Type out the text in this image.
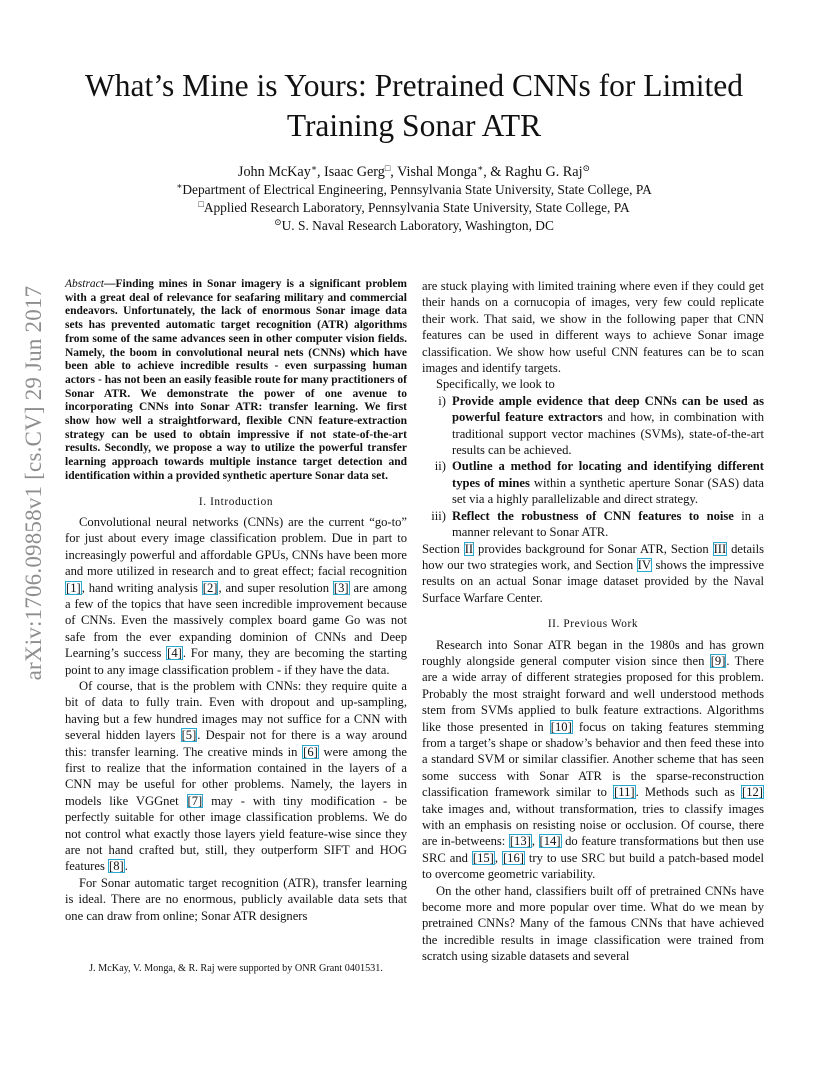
What’s Mine is Yours: Pretrained CNNs for Limited
Training Sonar ATR
John McKay∗, Isaac Gerg□, Vishal Monga∗, & Raghu G. Raj⊙
∗Department of Electrical Engineering, Pennsylvania State University, State College, PA
□Applied Research Laboratory, Pennsylvania State University, State College, PA
⊙U. S. Naval Research Laboratory, Washington, DC
arXiv:1706.09858v1 [cs.CV] 29 Jun 2017

Abstract—Finding mines in Sonar imagery is a significant problem with a great deal of relevance for seafaring military and commercial endeavors. Unfortunately, the lack of enormous Sonar image data sets has prevented automatic target recognition (ATR) algorithms from some of the same advances seen in other computer vision fields. Namely, the boom in convolutional neural nets (CNNs) which have been able to achieve incredible results - even surpassing human actors - has not been an easily feasible route for many practitioners of Sonar ATR. We demonstrate the power of one avenue to incorporating CNNs into Sonar ATR: transfer learning. We first show how well a straightforward, flexible CNN feature-extraction strategy can be used to obtain impressive if not state-of-the-art results. Secondly, we propose a way to utilize the powerful transfer learning approach towards multiple instance target detection and identification within a provided synthetic aperture Sonar data set.

I. Introduction

Convolutional neural networks (CNNs) are the current “go-to” for just about every image classification problem. Due in part to increasingly powerful and affordable GPUs, CNNs have been more and more utilized in research and to great effect; facial recognition [1], hand writing analysis [2], and super resolution [3] are among a few of the topics that have seen incredible improvement because of CNNs. Even the massively complex board game Go was not safe from the ever expanding dominion of CNNs and Deep Learning’s success [4]. For many, they are becoming the starting point to any image classification problem - if they have the data.

Of course, that is the problem with CNNs: they require quite a bit of data to fully train. Even with dropout and up-sampling, having but a few hundred images may not suffice for a CNN with several hidden layers [5]. Despair not for there is a way around this: transfer learning. The creative minds in [6] were among the first to realize that the information contained in the layers of a CNN may be useful for other problems. Namely, the layers in models like VGGnet [7] may - with tiny modification - be perfectly suitable for other image classification problems. We do not control what exactly those layers yield feature-wise since they are not hand crafted but, still, they outperform SIFT and HOG features [8].

For Sonar automatic target recognition (ATR), transfer learning is ideal. There are no enormous, publicly available data sets that one can draw from online; Sonar ATR designers

J. McKay, V. Monga, & R. Raj were supported by ONR Grant 0401531.

are stuck playing with limited training where even if they could get their hands on a cornucopia of images, very few could replicate their work. That said, we show in the following paper that CNN features can be used in different ways to achieve Sonar image classification. We show how useful CNN features can be to scan images and identify targets.

Specifically, we look to

i) Provide ample evidence that deep CNNs can be used as powerful feature extractors and how, in combination with traditional support vector machines (SVMs), state-of-the-art results can be achieved.
ii) Outline a method for locating and identifying different types of mines within a synthetic aperture Sonar (SAS) data set via a highly parallelizable and direct strategy.
iii) Reflect the robustness of CNN features to noise in a manner relevant to Sonar ATR.

Section II provides background for Sonar ATR, Section III details how our two strategies work, and Section IV shows the impressive results on an actual Sonar image dataset provided by the Naval Surface Warfare Center.

II. Previous Work

Research into Sonar ATR began in the 1980s and has grown roughly alongside general computer vision since then [9]. There are a wide array of different strategies proposed for this problem. Probably the most straight forward and well understood methods stem from SVMs applied to bulk feature extractions. Algorithms like those presented in [10] focus on taking features stemming from a target’s shape or shadow’s behavior and then feed these into a standard SVM or similar classifier. Another scheme that has seen some success with Sonar ATR is the sparse-reconstruction classification framework similar to [11]. Methods such as [12] take images and, without transformation, tries to classify images with an emphasis on resisting noise or occlusion. Of course, there are in-betweens: [13], [14] do feature transformations but then use SRC and [15], [16] try to use SRC but build a patch-based model to overcome geometric variability.

On the other hand, classifiers built off of pretrained CNNs have become more and more popular over time. What do we mean by pretrained CNNs? Many of the famous CNNs that have achieved the incredible results in image classification were trained from scratch using sizable datasets and several
